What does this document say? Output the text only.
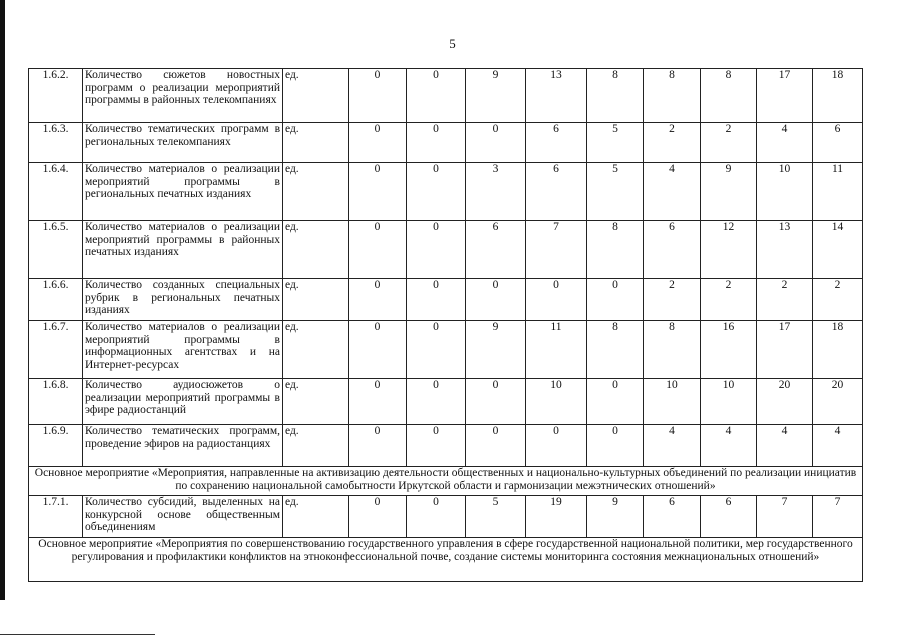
5
1.6.2.	Количество сюжетов новостных программ о реализации мероприятий программы в районных телекомпаниях	ед.	0	0	9	13	8	8	8	17	18
1.6.3.	Количество тематических программ в региональных телекомпаниях	ед.	0	0	0	6	5	2	2	4	6
1.6.4.	Количество материалов о реализации мероприятий программы в региональных печатных изданиях	ед.	0	0	3	6	5	4	9	10	11
1.6.5.	Количество материалов о реализации мероприятий программы в районных печатных изданиях	ед.	0	0	6	7	8	6	12	13	14
1.6.6.	Количество созданных специальных рубрик в региональных печатных изданиях	ед.	0	0	0	0	0	2	2	2	2
1.6.7.	Количество материалов о реализации мероприятий программы в информационных агентствах и на Интернет-ресурсах	ед.	0	0	9	11	8	8	16	17	18
1.6.8.	Количество аудиосюжетов о реализации мероприятий программы в эфире радиостанций	ед.	0	0	0	10	0	10	10	20	20
1.6.9.	Количество тематических программ, проведение эфиров на радиостанциях	ед.	0	0	0	0	0	4	4	4	4
Основное мероприятие «Мероприятия, направленные на активизацию деятельности общественных и национально-культурных объединений по реализации инициатив по сохранению национальной самобытности Иркутской области и гармонизации межэтнических отношений»											
1.7.1.	Количество субсидий, выделенных на конкурсной основе общественным объединениям	ед.	0	0	5	19	9	6	6	7	7
Основное мероприятие «Мероприятия по совершенствованию государственного управления в сфере государственной национальной политики, мер государственного регулирования и профилактики конфликтов на этноконфессиональной почве, создание системы мониторинга состояния межнациональных отношений»											
